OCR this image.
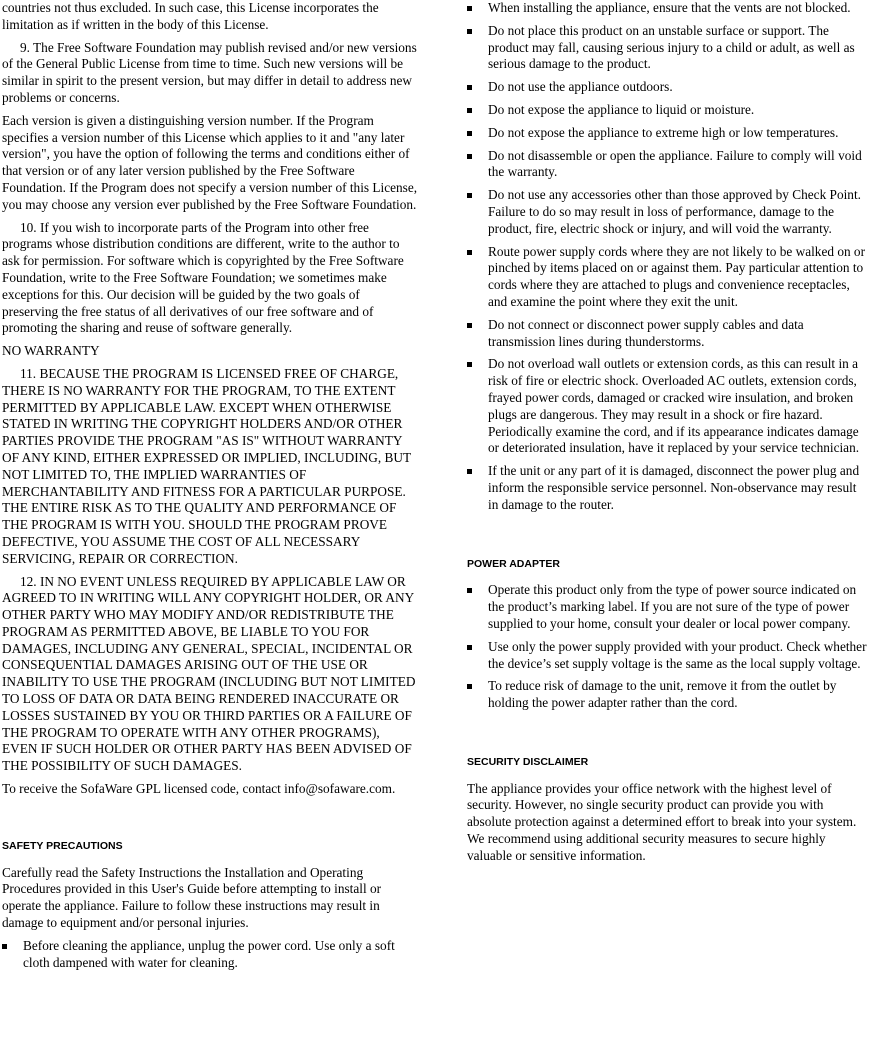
countries not thus excluded. In such case, this License incorporates the limitation as if written in the body of this License.

9. The Free Software Foundation may publish revised and/or new versions of the General Public License from time to time. Such new versions will be similar in spirit to the present version, but may differ in detail to address new problems or concerns.

Each version is given a distinguishing version number. If the Program specifies a version number of this License which applies to it and "any later version", you have the option of following the terms and conditions either of that version or of any later version published by the Free Software Foundation. If the Program does not specify a version number of this License, you may choose any version ever published by the Free Software Foundation.

10. If you wish to incorporate parts of the Program into other free programs whose distribution conditions are different, write to the author to ask for permission. For software which is copyrighted by the Free Software Foundation, write to the Free Software Foundation; we sometimes make exceptions for this. Our decision will be guided by the two goals of preserving the free status of all derivatives of our free software and of promoting the sharing and reuse of software generally.

NO WARRANTY

11. BECAUSE THE PROGRAM IS LICENSED FREE OF CHARGE, THERE IS NO WARRANTY FOR THE PROGRAM, TO THE EXTENT PERMITTED BY APPLICABLE LAW. EXCEPT WHEN OTHERWISE STATED IN WRITING THE COPYRIGHT HOLDERS AND/OR OTHER PARTIES PROVIDE THE PROGRAM "AS IS" WITHOUT WARRANTY OF ANY KIND, EITHER EXPRESSED OR IMPLIED, INCLUDING, BUT NOT LIMITED TO, THE IMPLIED WARRANTIES OF MERCHANTABILITY AND FITNESS FOR A PARTICULAR PURPOSE. THE ENTIRE RISK AS TO THE QUALITY AND PERFORMANCE OF THE PROGRAM IS WITH YOU. SHOULD THE PROGRAM PROVE DEFECTIVE, YOU ASSUME THE COST OF ALL NECESSARY SERVICING, REPAIR OR CORRECTION.

12. IN NO EVENT UNLESS REQUIRED BY APPLICABLE LAW OR AGREED TO IN WRITING WILL ANY COPYRIGHT HOLDER, OR ANY OTHER PARTY WHO MAY MODIFY AND/OR REDISTRIBUTE THE PROGRAM AS PERMITTED ABOVE, BE LIABLE TO YOU FOR DAMAGES, INCLUDING ANY GENERAL, SPECIAL, INCIDENTAL OR CONSEQUENTIAL DAMAGES ARISING OUT OF THE USE OR INABILITY TO USE THE PROGRAM (INCLUDING BUT NOT LIMITED TO LOSS OF DATA OR DATA BEING RENDERED INACCURATE OR LOSSES SUSTAINED BY YOU OR THIRD PARTIES OR A FAILURE OF THE PROGRAM TO OPERATE WITH ANY OTHER PROGRAMS), EVEN IF SUCH HOLDER OR OTHER PARTY HAS BEEN ADVISED OF THE POSSIBILITY OF SUCH DAMAGES.

To receive the SofaWare GPL licensed code, contact info@sofaware.com.

SAFETY PRECAUTIONS

Carefully read the Safety Instructions the Installation and Operating Procedures provided in this User's Guide before attempting to install or operate the appliance. Failure to follow these instructions may result in damage to equipment and/or personal injuries.

Before cleaning the appliance, unplug the power cord. Use only a soft cloth dampened with water for cleaning.
When installing the appliance, ensure that the vents are not blocked.
Do not place this product on an unstable surface or support. The product may fall, causing serious injury to a child or adult, as well as serious damage to the product.
Do not use the appliance outdoors.
Do not expose the appliance to liquid or moisture.
Do not expose the appliance to extreme high or low temperatures.
Do not disassemble or open the appliance. Failure to comply will void the warranty.
Do not use any accessories other than those approved by Check Point. Failure to do so may result in loss of performance, damage to the product, fire, electric shock or injury, and will void the warranty.
Route power supply cords where they are not likely to be walked on or pinched by items placed on or against them. Pay particular attention to cords where they are attached to plugs and convenience receptacles, and examine the point where they exit the unit.
Do not connect or disconnect power supply cables and data transmission lines during thunderstorms.
Do not overload wall outlets or extension cords, as this can result in a risk of fire or electric shock. Overloaded AC outlets, extension cords, frayed power cords, damaged or cracked wire insulation, and broken plugs are dangerous. They may result in a shock or fire hazard. Periodically examine the cord, and if its appearance indicates damage or deteriorated insulation, have it replaced by your service technician.
If the unit or any part of it is damaged, disconnect the power plug and inform the responsible service personnel. Non-observance may result in damage to the router.
POWER ADAPTER
Operate this product only from the type of power source indicated on the product’s marking label. If you are not sure of the type of power supplied to your home, consult your dealer or local power company.
Use only the power supply provided with your product. Check whether the device’s set supply voltage is the same as the local supply voltage.
To reduce risk of damage to the unit, remove it from the outlet by holding the power adapter rather than the cord.
SECURITY DISCLAIMER

The appliance provides your office network with the highest level of security. However, no single security product can provide you with absolute protection against a determined effort to break into your system. We recommend using additional security measures to secure highly valuable or sensitive information.
